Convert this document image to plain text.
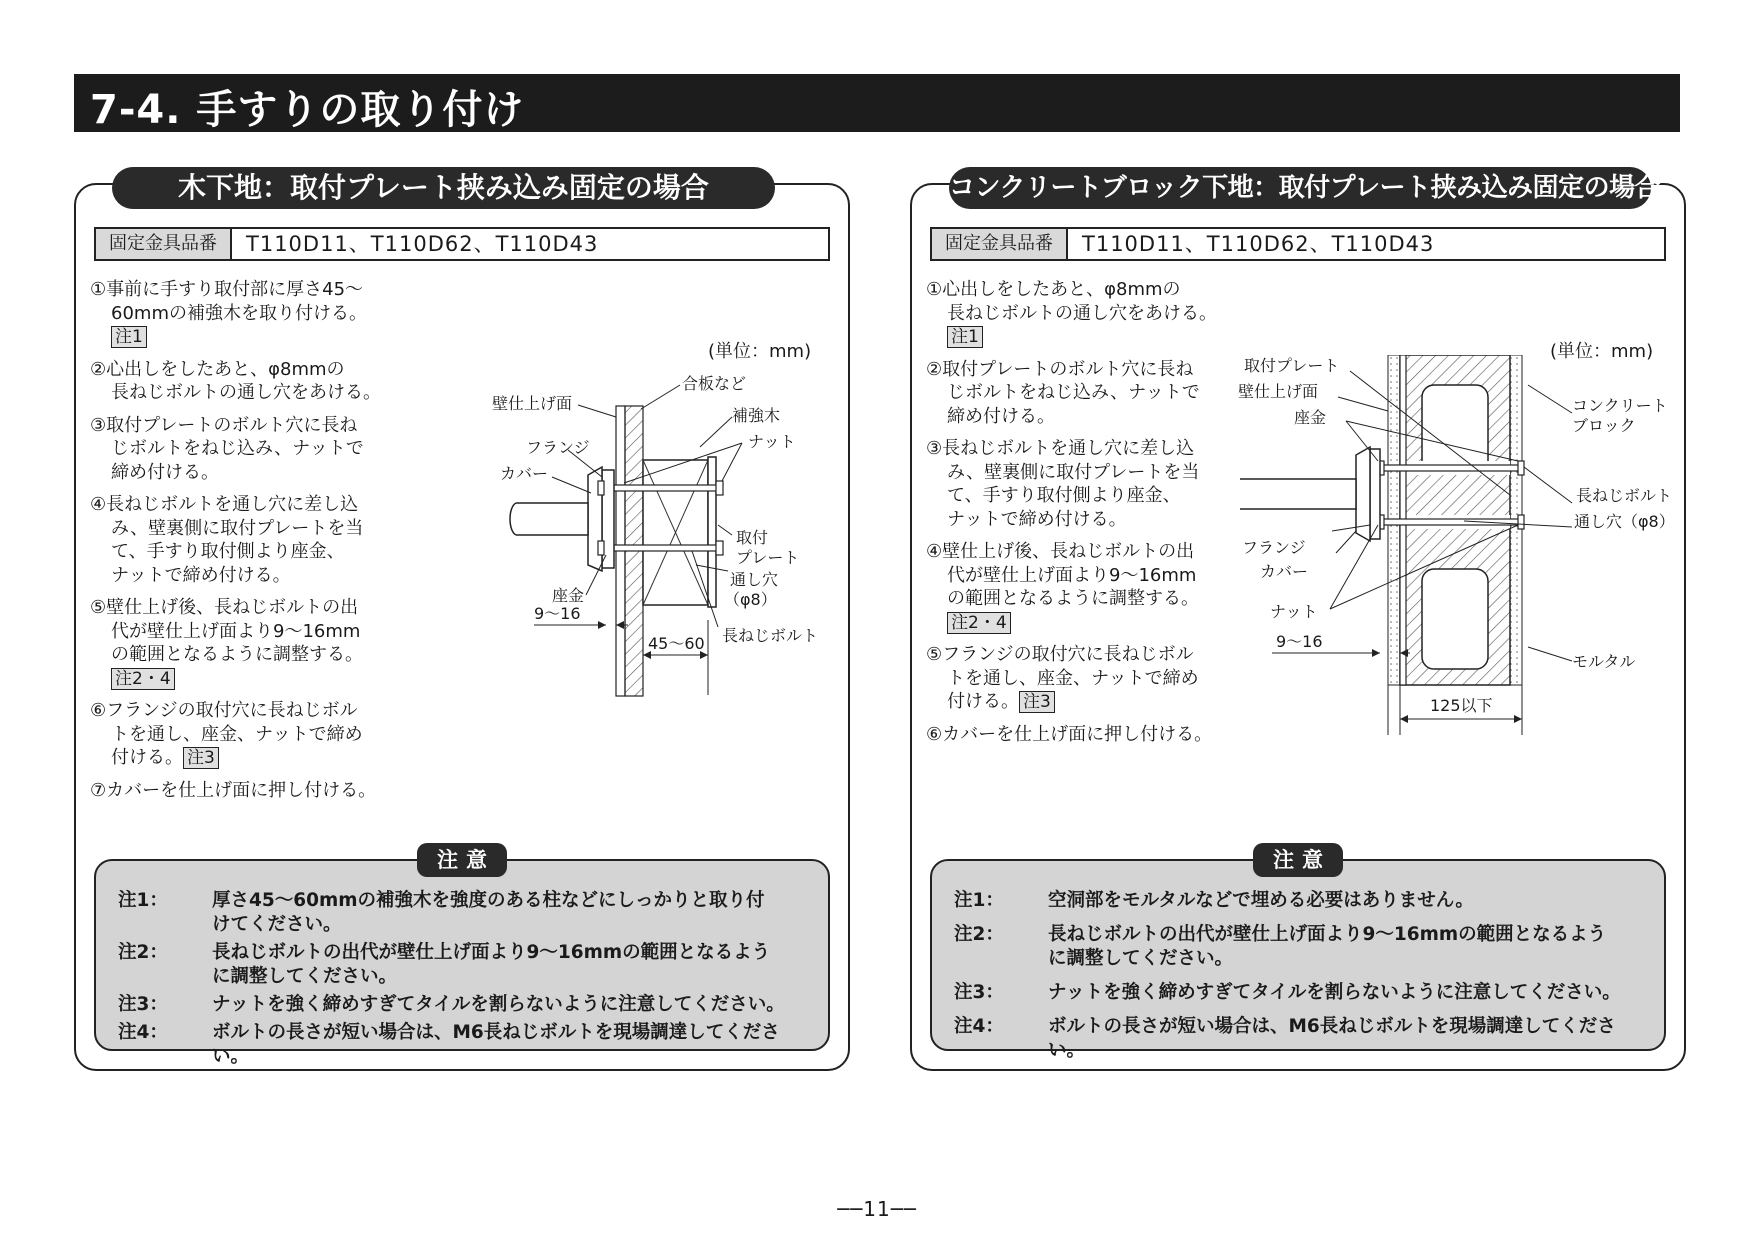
7-4. 手すりの取り付け
木下地：取付プレート挟み込み固定の場合
固定金具品番	T110D11、T110D62、T110D43
①事前に手すり取付部に厚さ45～
60mmの補強木を取り付ける。
注1
②心出しをしたあと、φ8mmの
長ねじボルトの通し穴をあける。
③取付プレートのボルト穴に長ね
じボルトをねじ込み、ナットで
締め付ける。
④長ねじボルトを通し穴に差し込
み、壁裏側に取付プレートを当
て、手すり取付側より座金、
ナットで締め付ける。
⑤壁仕上げ後、長ねじボルトの出
代が壁仕上げ面より9～16mm
の範囲となるように調整する。
注2・4
⑥フランジの取付穴に長ねじボル
トを通し、座金、ナットで締め
付ける。 注3
⑦カバーを仕上げ面に押し付ける。
(単位：mm)
壁仕上げ面
合板など
補強木
ナット
フランジ
カバー
取付
プレート
通し穴
（φ8）
座金
長ねじボルト
9～16
45～60
注意
注1：	厚さ45～60mmの補強木を強度のある柱などにしっかりと取り付
けてください。
注2：	長ねじボルトの出代が壁仕上げ面より9～16mmの範囲となるよう
に調整してください。
注3：	ナットを強く締めすぎてタイルを割らないように注意してください。
注4：	ボルトの長さが短い場合は、M6長ねじボルトを現場調達してください。
コンクリートブロック下地：取付プレート挟み込み固定の場合
固定金具品番	T110D11、T110D62、T110D43
①心出しをしたあと、φ8mmの
長ねじボルトの通し穴をあける。
注1
②取付プレートのボルト穴に長ね
じボルトをねじ込み、ナットで
締め付ける。
③長ねじボルトを通し穴に差し込
み、壁裏側に取付プレートを当
て、手すり取付側より座金、
ナットで締め付ける。
④壁仕上げ後、長ねじボルトの出
代が壁仕上げ面より9～16mm
の範囲となるように調整する。
注2・4
⑤フランジの取付穴に長ねじボル
トを通し、座金、ナットで締め
付ける。 注3
⑥カバーを仕上げ面に押し付ける。
(単位：mm)
取付プレート
壁仕上げ面
座金
コンクリート
ブロック
長ねじボルト
通し穴（φ8）
フランジ
カバー
ナット
9～16
モルタル
125以下
注意
注1：	空洞部をモルタルなどで埋める必要はありません。
注2：	長ねじボルトの出代が壁仕上げ面より9～16mmの範囲となるよう
に調整してください。
注3：	ナットを強く締めすぎてタイルを割らないように注意してください。
注4：	ボルトの長さが短い場合は、M6長ねじボルトを現場調達してください。
──11──
